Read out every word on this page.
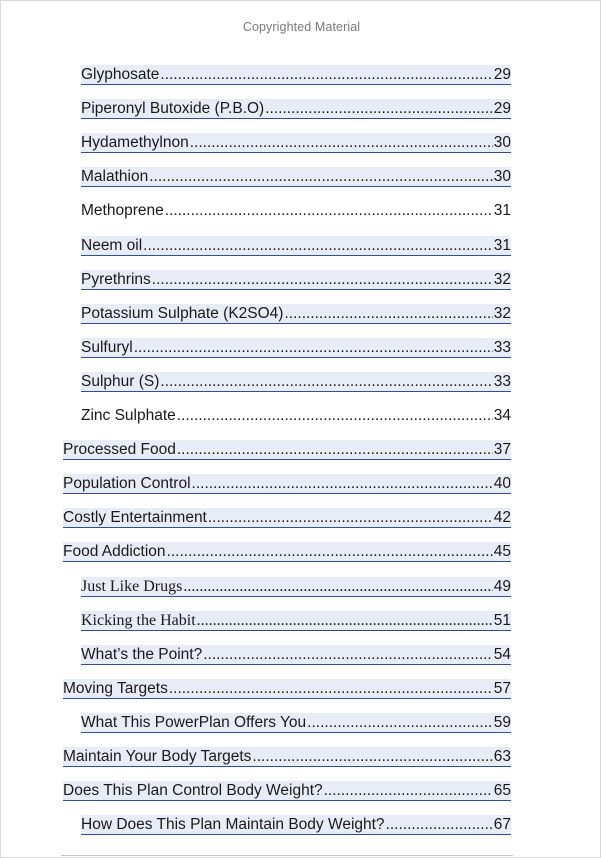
Copyrighted Material
Glyphosate .....	29
Piperonyl Butoxide (P.B.O) .....	29
Hydamethylnon .....	30
Malathion .....	30
Methoprene .....	31
Neem oil .....	31
Pyrethrins .....	32
Potassium Sulphate (K2SO4) .....	32
Sulfuryl .....	33
Sulphur (S) .....	33
Zinc Sulphate .....	34
Processed Food .....	37
Population Control .....	40
Costly Entertainment .....	42
Food Addiction .....	45
Just Like Drugs .....	49
Kicking the Habit .....	51
What’s the Point? .....	54
Moving Targets .....	57
What This PowerPlan Offers You .....	59
Maintain Your Body Targets .....	63
Does This Plan Control Body Weight? .....	65
How Does This Plan Maintain Body Weight? .....	67
